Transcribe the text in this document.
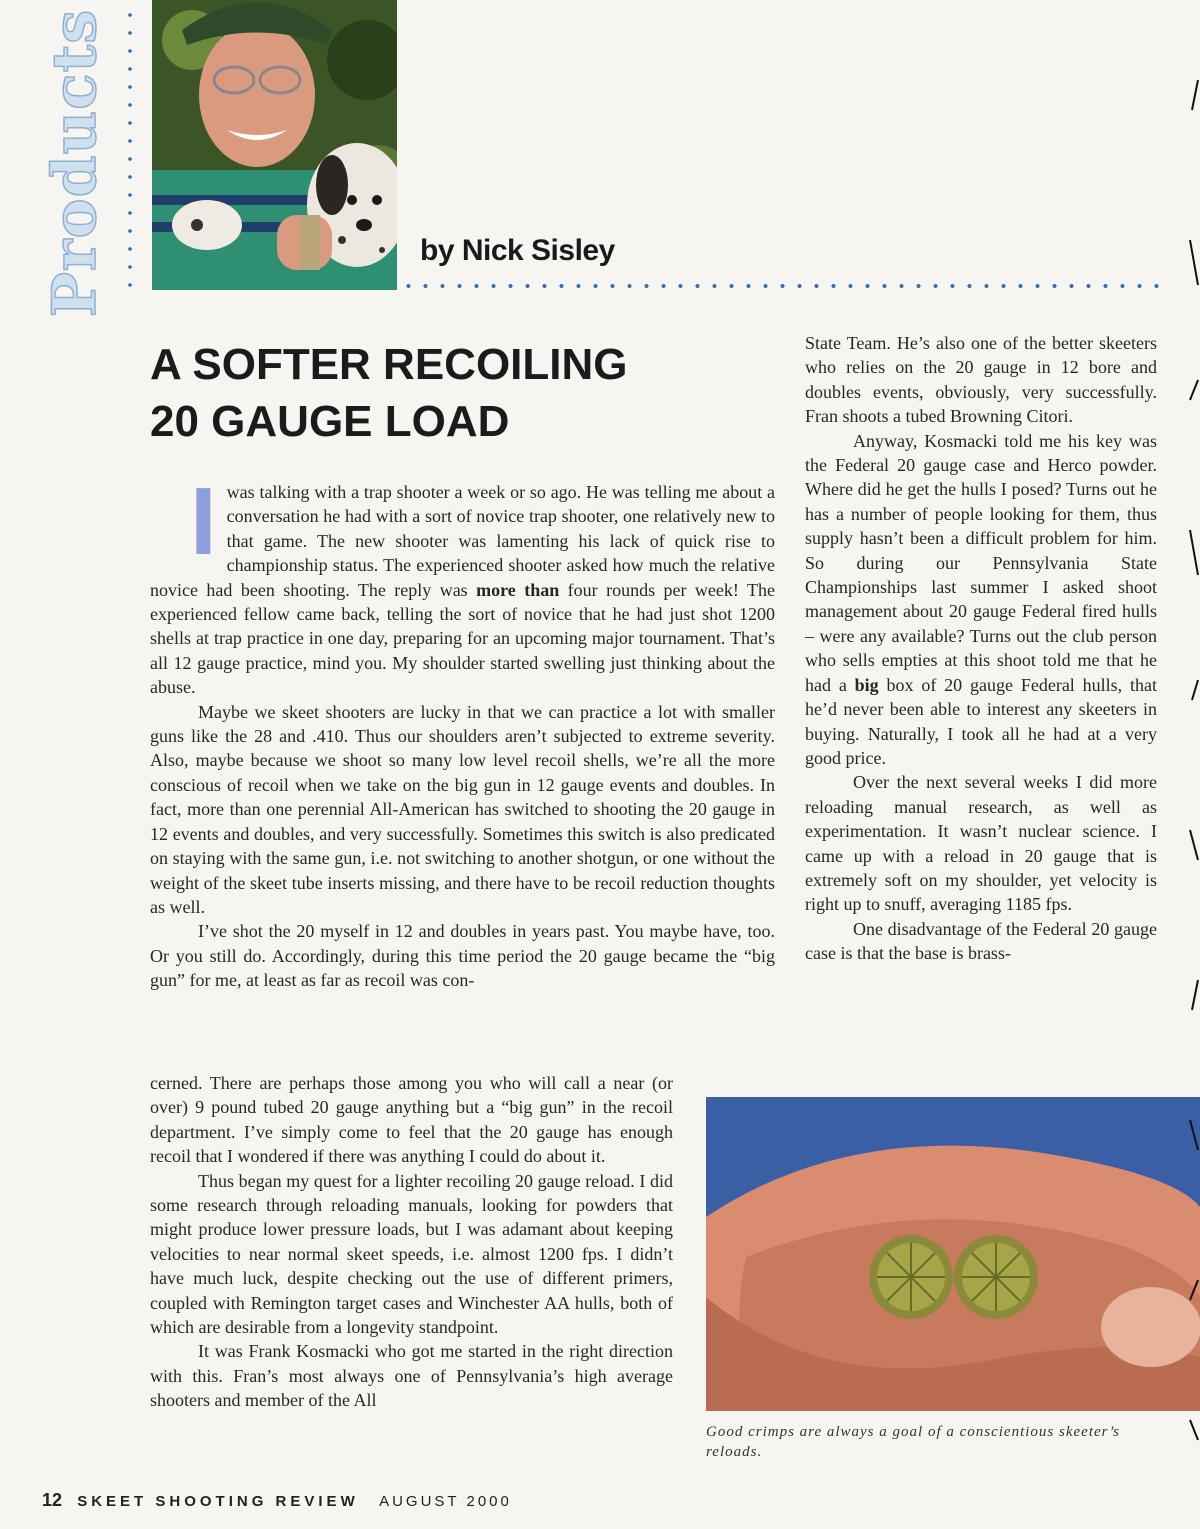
Products	by Nick Sisley
A SOFTER RECOILING
20 GAUGE LOAD

Iwas talking with a trap shooter a week or so ago. He was telling me about a conversation he had with a sort of novice trap shooter, one relatively new to that game. The new shooter was lamenting his lack of quick rise to championship status. The experienced shooter asked how much the relative novice had been shooting. The reply was more than four rounds per week! The experienced fellow came back, telling the sort of novice that he had just shot 1200 shells at trap practice in one day, preparing for an upcoming major tournament. That’s all 12 gauge practice, mind you. My shoulder started swelling just thinking about the abuse.

Maybe we skeet shooters are lucky in that we can practice a lot with smaller guns like the 28 and .410. Thus our shoulders aren’t subjected to extreme severity. Also, maybe because we shoot so many low level recoil shells, we’re all the more conscious of recoil when we take on the big gun in 12 gauge events and doubles. In fact, more than one perennial All-American has switched to shooting the 20 gauge in 12 events and doubles, and very successfully. Sometimes this switch is also predicated on staying with the same gun, i.e. not switching to another shotgun, or one without the weight of the skeet tube inserts missing, and there have to be recoil reduction thoughts as well.

I’ve shot the 20 myself in 12 and doubles in years past. You maybe have, too. Or you still do. Accordingly, during this time period the 20 gauge became the “big gun” for me, at least as far as recoil was con-

cerned. There are perhaps those among you who will call a near (or over) 9 pound tubed 20 gauge anything but a “big gun” in the recoil department. I’ve simply come to feel that the 20 gauge has enough recoil that I wondered if there was anything I could do about it.

Thus began my quest for a lighter recoiling 20 gauge reload. I did some research through reloading manuals, looking for powders that might produce lower pressure loads, but I was adamant about keeping velocities to near normal skeet speeds, i.e. almost 1200 fps. I didn’t have much luck, despite checking out the use of different primers, coupled with Remington target cases and Winchester AA hulls, both of which are desirable from a longevity standpoint.

It was Frank Kosmacki who got me started in the right direction with this. Fran’s most always one of Pennsylvania’s high average shooters and member of the All

State Team. He’s also one of the better skeeters who relies on the 20 gauge in 12 bore and doubles events, obviously, very successfully. Fran shoots a tubed Browning Citori.

Anyway, Kosmacki told me his key was the Federal 20 gauge case and Herco powder. Where did he get the hulls I posed? Turns out he has a number of people looking for them, thus supply hasn’t been a difficult problem for him. So during our Pennsylvania State Championships last summer I asked shoot management about 20 gauge Federal fired hulls – were any available? Turns out the club person who sells empties at this shoot told me that he had a big box of 20 gauge Federal hulls, that he’d never been able to interest any skeeters in buying. Naturally, I took all he had at a very good price.

Over the next several weeks I did more reloading manual research, as well as experimentation. It wasn’t nuclear science. I came up with a reload in 20 gauge that is extremely soft on my shoulder, yet velocity is right up to snuff, averaging 1185 fps.

One disadvantage of the Federal 20 gauge case is that the base is brass-

Good crimps are always a goal of a conscientious skeeter’s reloads.
12 SKEET SHOOTING REVIEW AUGUST 2000
